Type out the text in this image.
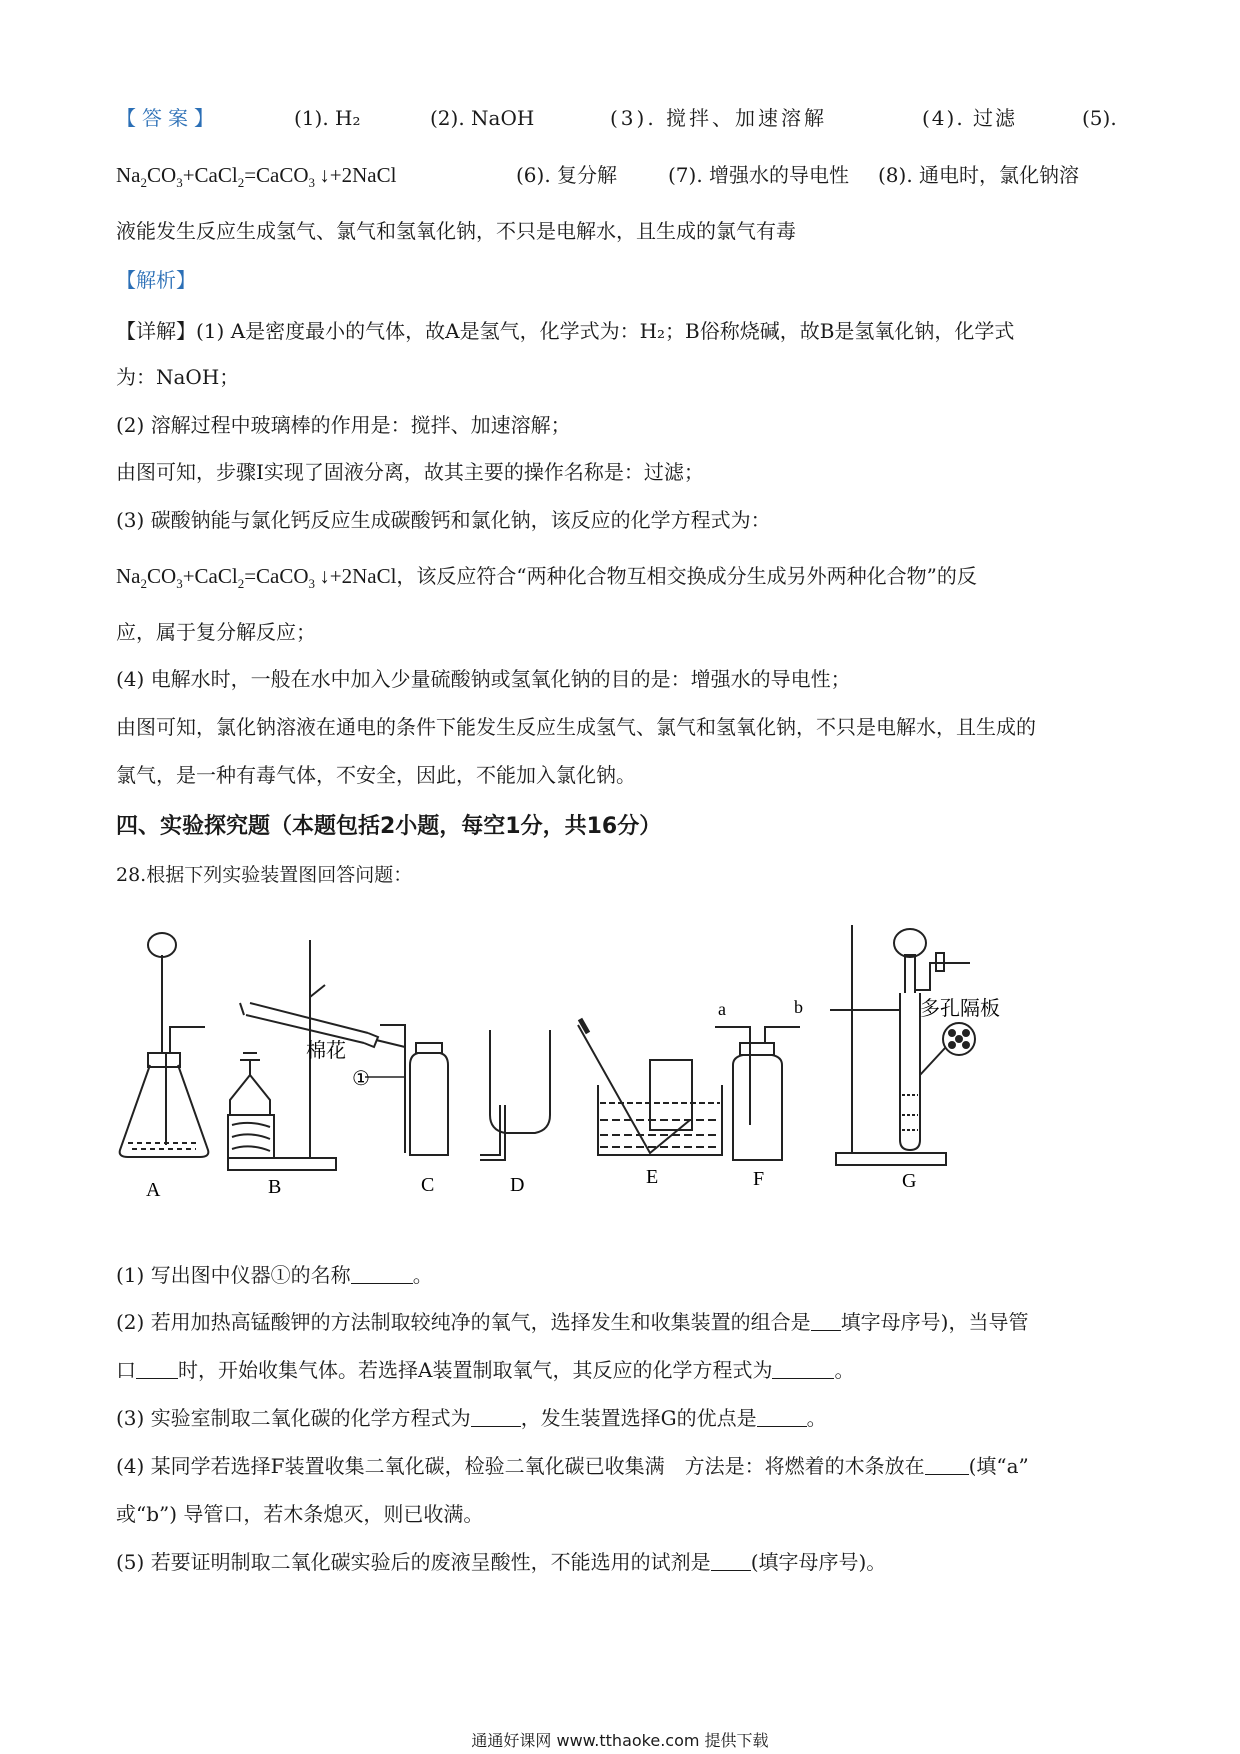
【答案】	(1). H₂	(2). NaOH	(3). 搅拌、加速溶解	(4). 过滤	(5).
$Na_2CO_3+CaCl_2=CaCO_3$ ↓+2NaCl	(6). 复分解	(7). 增强水的导电性 (8). 通电时，氯化钠溶
液能发生反应生成氢气、氯气和氢氧化钠，不只是电解水，且生成的氯气有毒
【解析】
【详解】(1) A是密度最小的气体，故A是氢气，化学式为：H₂；B俗称烧碱，故B是氢氧化钠，化学式
为：NaOH；
(2) 溶解过程中玻璃棒的作用是：搅拌、加速溶解；
由图可知，步骤I实现了固液分离，故其主要的操作名称是：过滤；
(3) 碳酸钠能与氯化钙反应生成碳酸钙和氯化钠，该反应的化学方程式为：
$Na_2CO_3+CaCl_2=CaCO_3$ ↓+2NaCl，该反应符合“两种化合物互相交换成分生成另外两种化合物”的反
应，属于复分解反应；
(4) 电解水时，一般在水中加入少量硫酸钠或氢氧化钠的目的是：增强水的导电性；
由图可知，氯化钠溶液在通电的条件下能发生反应生成氢气、氯气和氢氧化钠，不只是电解水，且生成的
氯气，是一种有毒气体，不安全，因此，不能加入氯化钠。
四、实验探究题（本题包括2小题，每空1分，共16分）
28.根据下列实验装置图回答问题：
A	B	C	D	E	F	G
棉花
①
a	b	多孔隔板
(1) 写出图中仪器①的名称	。
(2) 若用加热高锰酸钾的方法制取较纯净的氧气，选择发生和收集装置的组合是 填字母序号)，当导管
口 时，开始收集气体。若选择A装置制取氧气，其反应的化学方程式为	。
(3) 实验室制取二氧化碳的化学方程式为	，发生装置选择G的优点是	。
(4) 某同学若选择F装置收集二氧化碳，检验二氧化碳已收集满　方法是：将燃着的木条放在 (填“a”
或“b”) 导管口，若木条熄灭，则已收满。
(5) 若要证明制取二氧化碳实验后的废液呈酸性，不能选用的试剂是 (填字母序号)。
通通好课网 www.tthaoke.com 提供下载
